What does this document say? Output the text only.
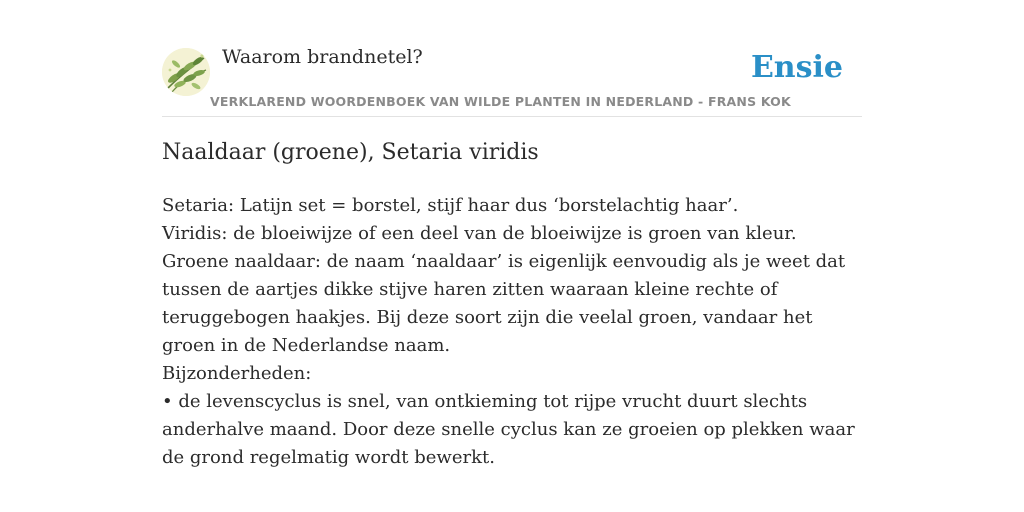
Waarom brandnetel?
VERKLAREND WOORDENBOEK VAN WILDE PLANTEN IN NEDERLAND - FRANS KOK
Ensie
Naaldaar (groene), Setaria viridis

Setaria: Latijn set = borstel, stijf haar dus ‘borstelachtig haar’.

Viridis: de bloeiwijze of een deel van de bloeiwijze is groen van kleur.

Groene naaldaar: de naam ‘naaldaar’ is eigenlijk eenvoudig als je weet dat tussen de aartjes dikke stijve haren zitten waaraan kleine rechte of teruggebogen haakjes. Bij deze soort zijn die veelal groen, vandaar het groen in de Nederlandse naam.

Bijzonderheden:

• de levenscyclus is snel, van ontkieming tot rijpe vrucht duurt slechts anderhalve maand. Door deze snelle cyclus kan ze groeien op plekken waar de grond regelmatig wordt bewerkt.
